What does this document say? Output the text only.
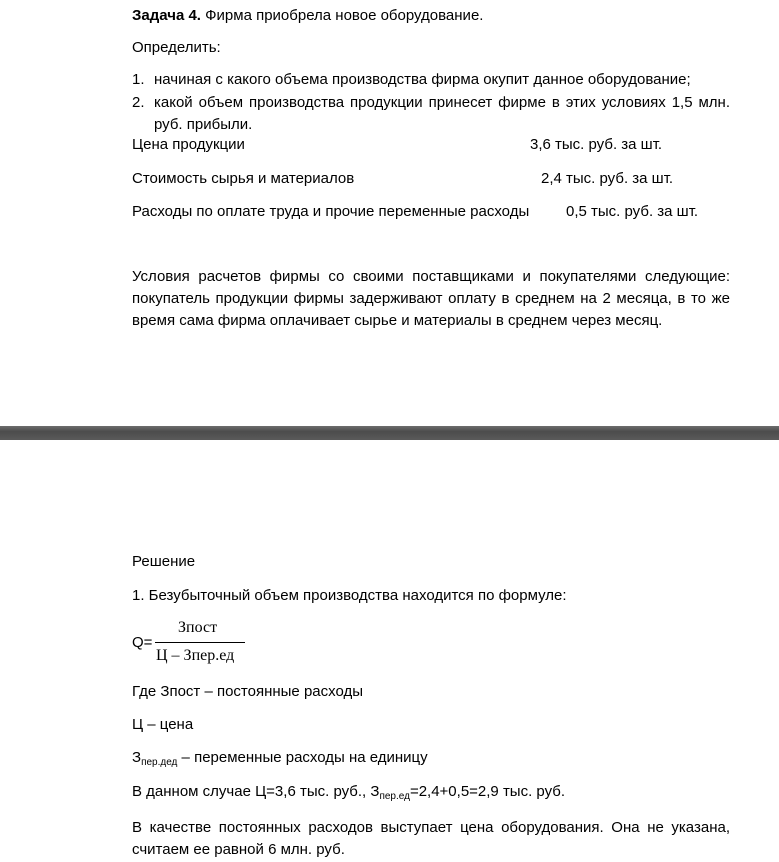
Задача 4. Фирма приобрела новое оборудование.
Определить:
1. начиная с какого объема производства фирма окупит данное оборудование;
2. какой объем производства продукции принесет фирме в этих условиях 1,5 млн. руб. прибыли.
Цена продукции	3,6 тыс. руб. за шт.
Стоимость сырья и материалов	2,4 тыс. руб. за шт.
Расходы по оплате труда и прочие переменные расходы 0,5 тыс. руб. за шт.
Условия расчетов фирмы со своими поставщиками и покупателями следующие: покупатель продукции фирмы задерживают оплату в среднем на 2 месяца, в то же время сама фирма оплачивает сырье и материалы в среднем через месяц.
Решение
1. Безубыточный объем производства находится по формуле:
Q=
Зпост
Ц – Зпер.ед
Где Зпост – постоянные расходы
Ц – цена
$З_{пер.дед}$ – переменные расходы на единицу
В данном случае Ц=3,6 тыс. руб., $З_{пер.ед}=2,4+0,5=2,9$ тыс. руб.
В качестве постоянных расходов выступает цена оборудования. Она не указана, считаем ее равной 6 млн. руб.
